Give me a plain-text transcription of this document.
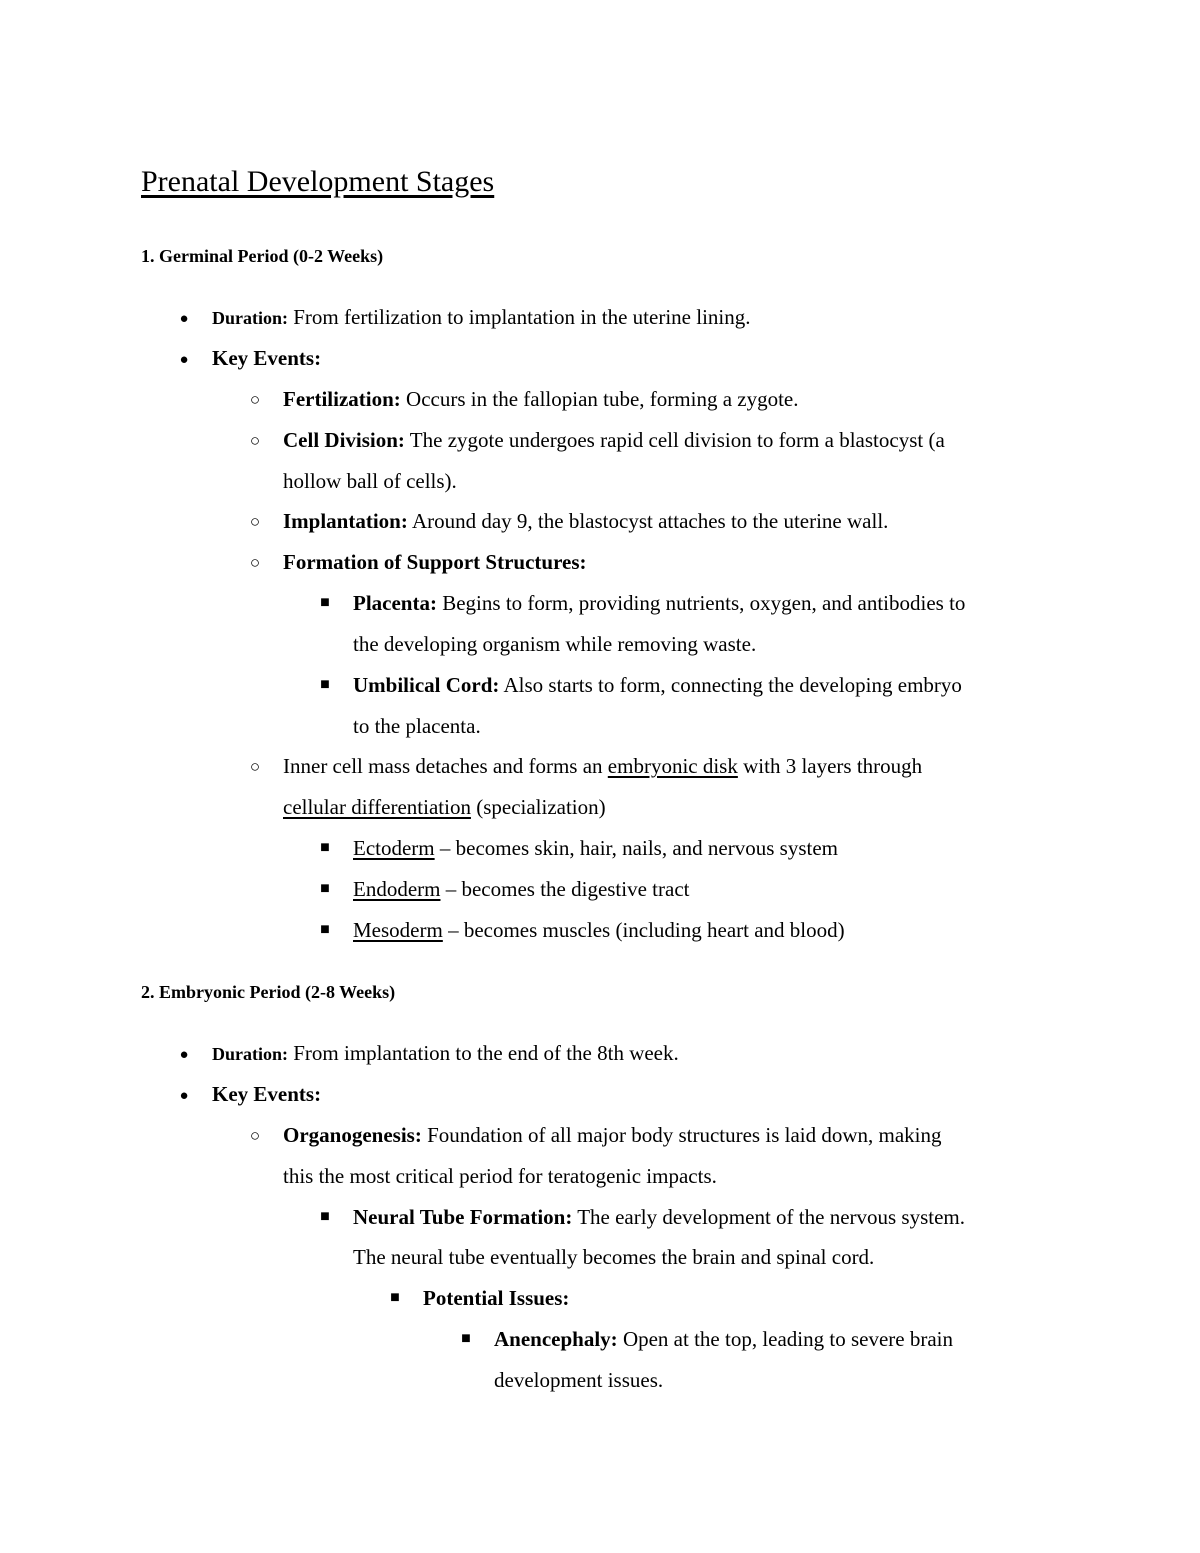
Prenatal Development Stages
1. Germinal Period (0-2 Weeks)
●	Duration: From fertilization to implantation in the uterine lining.
● Key Events:
○ Fertilization: Occurs in the fallopian tube, forming a zygote.
○ Cell Division: The zygote undergoes rapid cell division to form a blastocyst (a
hollow ball of cells).
○ Implantation: Around day 9, the blastocyst attaches to the uterine wall.
○ Formation of Support Structures:
■ Placenta: Begins to form, providing nutrients, oxygen, and antibodies to
the developing organism while removing waste.
■ Umbilical Cord: Also starts to form, connecting the developing embryo
to the placenta.
○ Inner cell mass detaches and forms an embryonic disk with 3 layers through
cellular differentiation (specialization)
■ Ectoderm – becomes skin, hair, nails, and nervous system
■ Endoderm – becomes the digestive tract
■ Mesoderm – becomes muscles (including heart and blood)
2. Embryonic Period (2-8 Weeks)
●	Duration: From implantation to the end of the 8th week.
● Key Events:
○ Organogenesis: Foundation of all major body structures is laid down, making
this the most critical period for teratogenic impacts.
■ Neural Tube Formation: The early development of the nervous system.
The neural tube eventually becomes the brain and spinal cord.
■ Potential Issues:
■ Anencephaly: Open at the top, leading to severe brain
development issues.
